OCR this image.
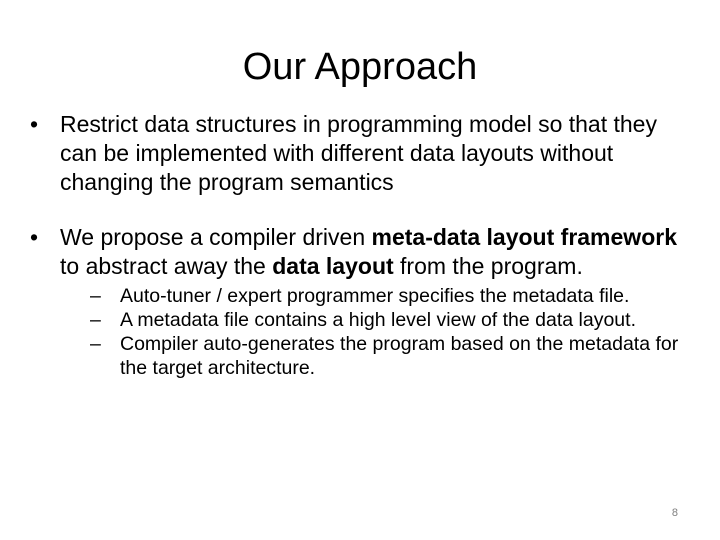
Our Approach
• Restrict data structures in programming model so that they can be implemented with different data layouts without changing the program semantics
• We propose a compiler driven meta-data layout framework to abstract away the data layout from the program.
– Auto-tuner / expert programmer specifies the metadata file.
– A metadata file contains a high level view of the data layout.
– Compiler auto-generates the program based on the metadata for the target architecture.
8
